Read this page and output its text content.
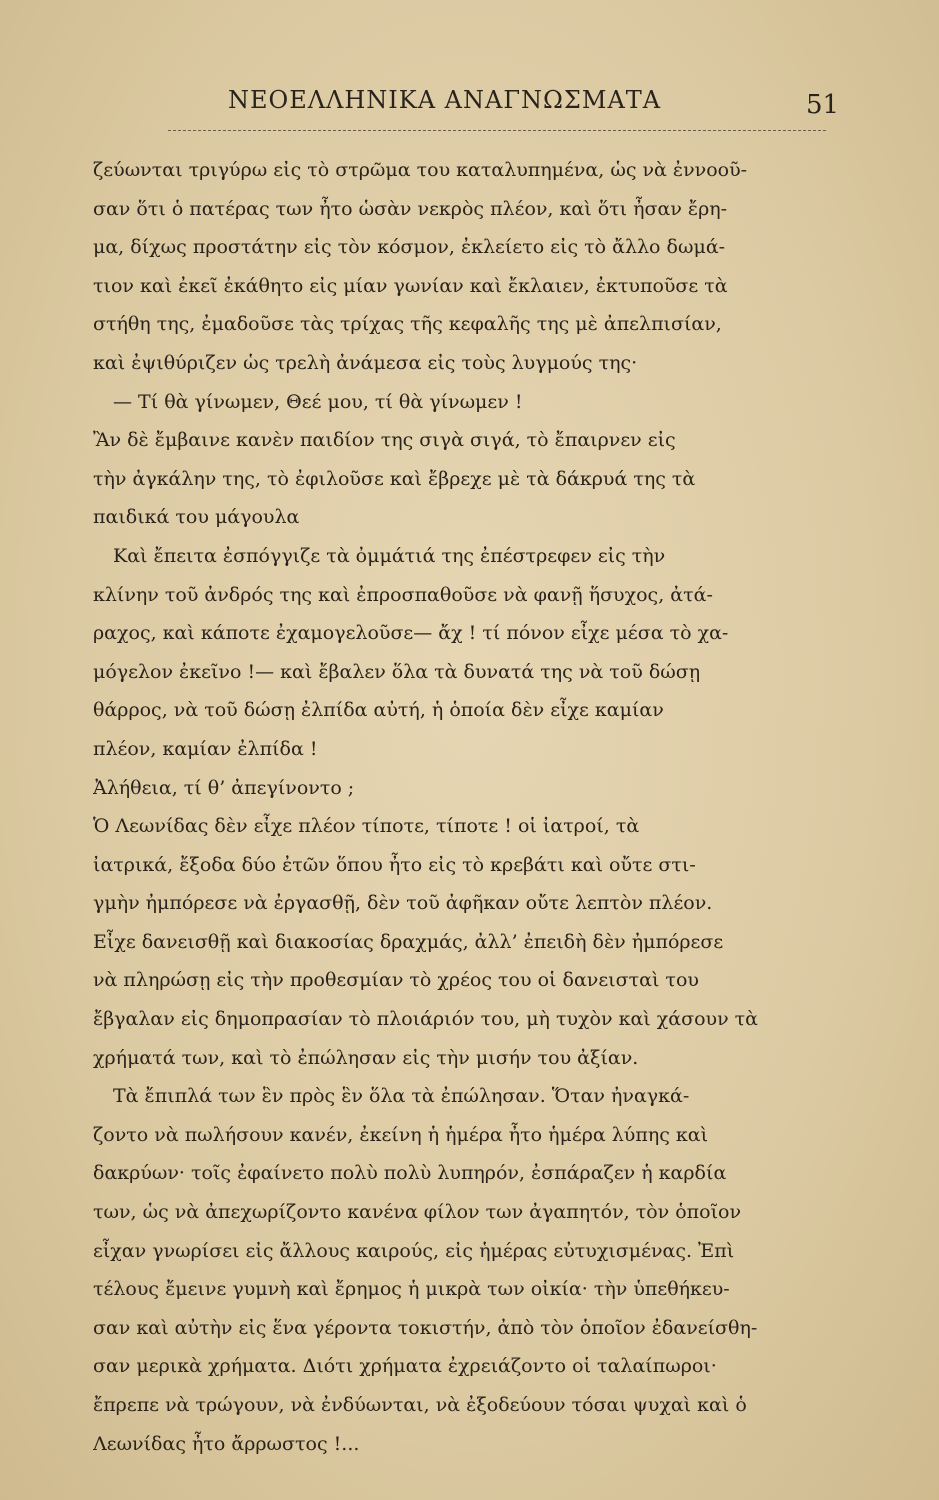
ΝΕΟΕΛΛΗΝΙΚΑ ΑΝΑΓΝΩΣΜΑΤΑ	51
ζεύωνται τριγύρω εἰς τὸ στρῶμα του καταλυπημένα, ὡς νὰ ἐννοοῦ-
σαν ὅτι ὁ πατέρας των ἦτο ὡσὰν νεκρὸς πλέον, καὶ ὅτι ἦσαν ἔρη-
μα, δίχως προστάτην εἰς τὸν κόσμον, ἐκλείετο εἰς τὸ ἄλλο δωμά-
τιον καὶ ἐκεῖ ἐκάθητο εἰς μίαν γωνίαν καὶ ἔκλαιεν, ἐκτυποῦσε τὰ
στήθη της, ἐμαδοῦσε τὰς τρίχας τῆς κεφαλῆς της μὲ ἀπελπισίαν,
καὶ ἐψιθύριζεν ὡς τρελὴ ἀνάμεσα εἰς τοὺς λυγμούς της·
— Τί θὰ γίνωμεν, Θεέ μου, τί θὰ γίνωμεν !
Ἂν δὲ ἔμβαινε κανὲν παιδίον της σιγὰ σιγά, τὸ ἔπαιρνεν εἰς
τὴν ἀγκάλην της, τὸ ἐφιλοῦσε καὶ ἔβρεχε μὲ τὰ δάκρυά της τὰ
παιδικά του μάγουλα
Καὶ ἔπειτα ἐσπόγγιζε τὰ ὀμμάτιά της ἐπέστρεφεν εἰς τὴν
κλίνην τοῦ ἀνδρός της καὶ ἐπροσπαθοῦσε νὰ φανῇ ἥσυχος, ἀτά-
ραχος, καὶ κάποτε ἐχαμογελοῦσε— ἄχ ! τί πόνον εἶχε μέσα τὸ χα-
μόγελον ἐκεῖνο !— καὶ ἔβαλεν ὅλα τὰ δυνατά της νὰ τοῦ δώσῃ
θάρρος, νὰ τοῦ δώσῃ ἐλπίδα αὐτή, ἡ ὁποία δὲν εἶχε καμίαν
πλέον, καμίαν ἐλπίδα !
Ἀλήθεια, τί θ’ ἀπεγίνοντο ;
Ὁ Λεωνίδας δὲν εἶχε πλέον τίποτε, τίποτε ! οἱ ἰατροί, τὰ
ἰατρικά, ἔξοδα δύο ἐτῶν ὅπου ἦτο εἰς τὸ κρεβάτι καὶ οὔτε στι-
γμὴν ἠμπόρεσε νὰ ἐργασθῇ, δὲν τοῦ ἀφῆκαν οὔτε λεπτὸν πλέον.
Εἶχε δανεισθῇ καὶ διακοσίας δραχμάς, ἀλλ’ ἐπειδὴ δὲν ἠμπόρεσε
νὰ πληρώσῃ εἰς τὴν προθεσμίαν τὸ χρέος του οἱ δανεισταὶ του
ἔβγαλαν εἰς δημοπρασίαν τὸ πλοιάριόν του, μὴ τυχὸν καὶ χάσουν τὰ
χρήματά των, καὶ τὸ ἐπώλησαν εἰς τὴν μισήν του ἀξίαν.
Τὰ ἔπιπλά των ἓν πρὸς ἓν ὅλα τὰ ἐπώλησαν. Ὅταν ἠναγκά-
ζοντο νὰ πωλήσουν κανέν, ἐκείνη ἡ ἡμέρα ἦτο ἡμέρα λύπης καὶ
δακρύων· τοῖς ἐφαίνετο πολὺ πολὺ λυπηρόν, ἐσπάραζεν ἡ καρδία
των, ὡς νὰ ἀπεχωρίζοντο κανένα φίλον των ἀγαπητόν, τὸν ὁποῖον
εἶχαν γνωρίσει εἰς ἄλλους καιρούς, εἰς ἡμέρας εὐτυχισμένας. Ἐπὶ
τέλους ἔμεινε γυμνὴ καὶ ἔρημος ἡ μικρὰ των οἰκία· τὴν ὑπεθήκευ-
σαν καὶ αὐτὴν εἰς ἕνα γέροντα τοκιστήν, ἀπὸ τὸν ὁποῖον ἐδανείσθη-
σαν μερικὰ χρήματα. Διότι χρήματα ἐχρειάζοντο οἱ ταλαίπωροι·
ἔπρεπε νὰ τρώγουν, νὰ ἐνδύωνται, νὰ ἐξοδεύουν τόσαι ψυχαὶ καὶ ὁ
Λεωνίδας ἦτο ἄρρωστος !...
